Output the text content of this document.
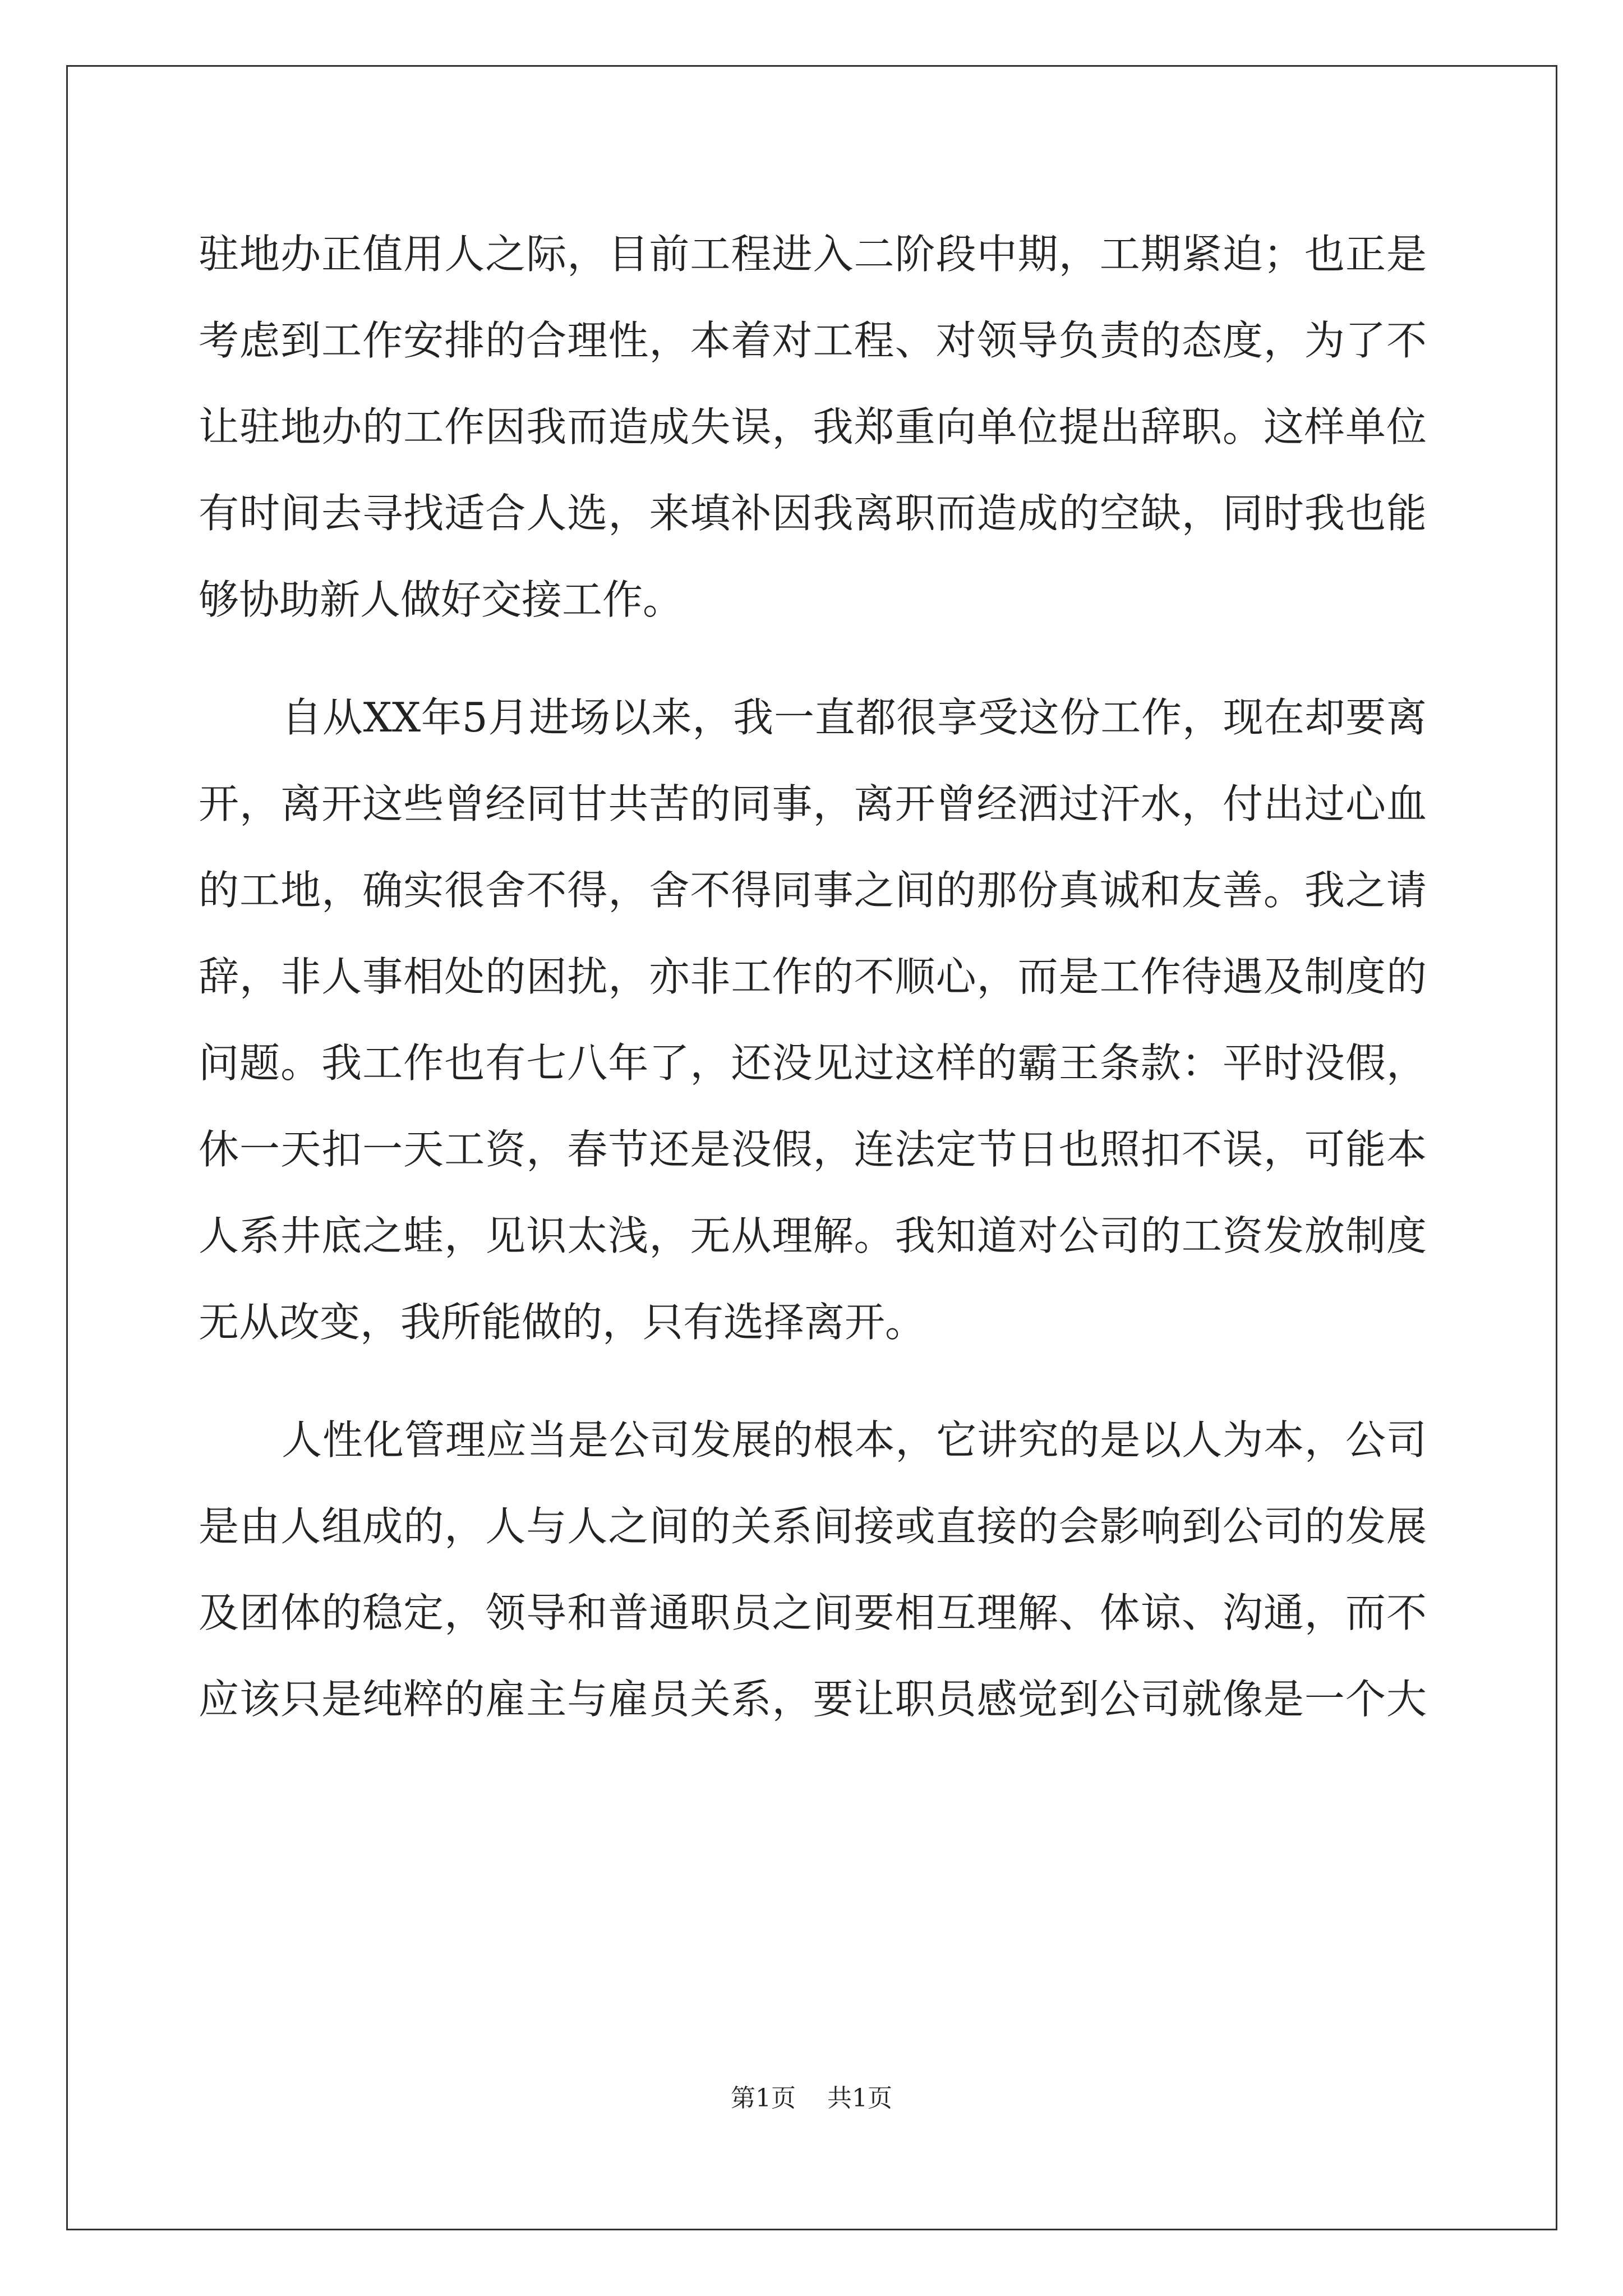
驻地办正值用人之际，目前工程进入二阶段中期，工期紧迫；也正是
考虑到工作安排的合理性，本着对工程、对领导负责的态度，为了不
让驻地办的工作因我而造成失误，我郑重向单位提出辞职。这样单位
有时间去寻找适合人选，来填补因我离职而造成的空缺，同时我也能
够协助新人做好交接工作。
自从XX年5月进场以来，我一直都很享受这份工作，现在却要离
开，离开这些曾经同甘共苦的同事，离开曾经洒过汗水，付出过心血
的工地，确实很舍不得，舍不得同事之间的那份真诚和友善。我之请
辞，非人事相处的困扰，亦非工作的不顺心，而是工作待遇及制度的
问题。我工作也有七八年了，还没见过这样的霸王条款：平时没假，
休一天扣一天工资，春节还是没假，连法定节日也照扣不误，可能本
人系井底之蛙，见识太浅，无从理解。我知道对公司的工资发放制度
无从改变，我所能做的，只有选择离开。
人性化管理应当是公司发展的根本，它讲究的是以人为本，公司
是由人组成的，人与人之间的关系间接或直接的会影响到公司的发展
及团体的稳定，领导和普通职员之间要相互理解、体谅、沟通，而不
应该只是纯粹的雇主与雇员关系，要让职员感觉到公司就像是一个大
第1页 共1页
